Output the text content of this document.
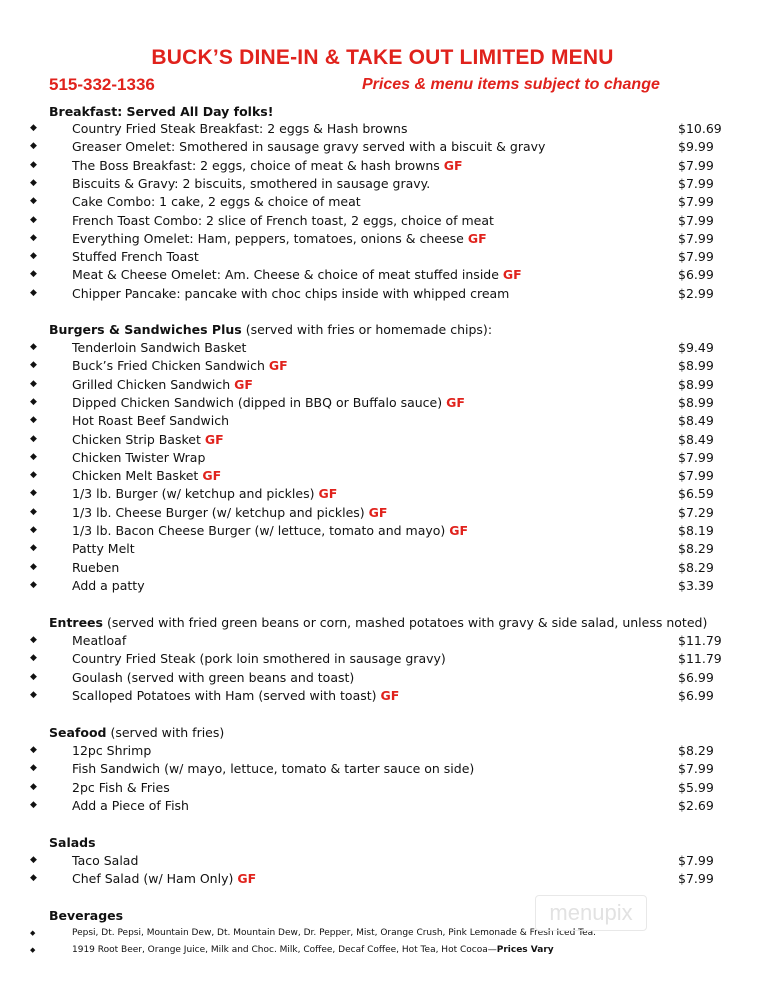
BUCK’S DINE-IN & TAKE OUT LIMITED MENU
515-332-1336	Prices & menu items subject to change
Breakfast: Served All Day folks!
◆	Country Fried Steak Breakfast: 2 eggs & Hash browns	$10.69
◆	Greaser Omelet: Smothered in sausage gravy served with a biscuit & gravy	$9.99
◆	The Boss Breakfast: 2 eggs, choice of meat & hash browns GF	$7.99
◆	Biscuits & Gravy: 2 biscuits, smothered in sausage gravy.	$7.99
◆	Cake Combo: 1 cake, 2 eggs & choice of meat	$7.99
◆	French Toast Combo: 2 slice of French toast, 2 eggs, choice of meat	$7.99
◆	Everything Omelet: Ham, peppers, tomatoes, onions & cheese GF	$7.99
◆	Stuffed French Toast	$7.99
◆	Meat & Cheese Omelet: Am. Cheese & choice of meat stuffed inside GF	$6.99
◆	Chipper Pancake: pancake with choc chips inside with whipped cream	$2.99
Burgers & Sandwiches Plus (served with fries or homemade chips):
◆	Tenderloin Sandwich Basket	$9.49
◆	Buck’s Fried Chicken Sandwich GF	$8.99
◆	Grilled Chicken Sandwich GF	$8.99
◆	Dipped Chicken Sandwich (dipped in BBQ or Buffalo sauce) GF	$8.99
◆	Hot Roast Beef Sandwich	$8.49
◆	Chicken Strip Basket GF	$8.49
◆	Chicken Twister Wrap	$7.99
◆	Chicken Melt Basket GF	$7.99
◆	1/3 lb. Burger (w/ ketchup and pickles) GF	$6.59
◆	1/3 lb. Cheese Burger (w/ ketchup and pickles) GF	$7.29
◆	1/3 lb. Bacon Cheese Burger (w/ lettuce, tomato and mayo) GF	$8.19
◆	Patty Melt	$8.29
◆	Rueben	$8.29
◆	Add a patty	$3.39
Entrees (served with fried green beans or corn, mashed potatoes with gravy & side salad, unless noted)
◆	Meatloaf	$11.79
◆	Country Fried Steak (pork loin smothered in sausage gravy)	$11.79
◆	Goulash (served with green beans and toast)	$6.99
◆	Scalloped Potatoes with Ham (served with toast) GF	$6.99
Seafood (served with fries)
◆	12pc Shrimp	$8.29
◆	Fish Sandwich (w/ mayo, lettuce, tomato & tarter sauce on side)	$7.99
◆	2pc Fish & Fries	$5.99
◆	Add a Piece of Fish	$2.69
Salads
◆	Taco Salad	$7.99
◆	Chef Salad (w/ Ham Only) GF	$7.99
Beverages
◆	Pepsi, Dt. Pepsi, Mountain Dew, Dt. Mountain Dew, Dr. Pepper, Mist, Orange Crush, Pink Lemonade & Fresh Iced Tea.
◆	1919 Root Beer, Orange Juice, Milk and Choc. Milk, Coffee, Decaf Coffee, Hot Tea, Hot Cocoa—Prices Vary
menupix
